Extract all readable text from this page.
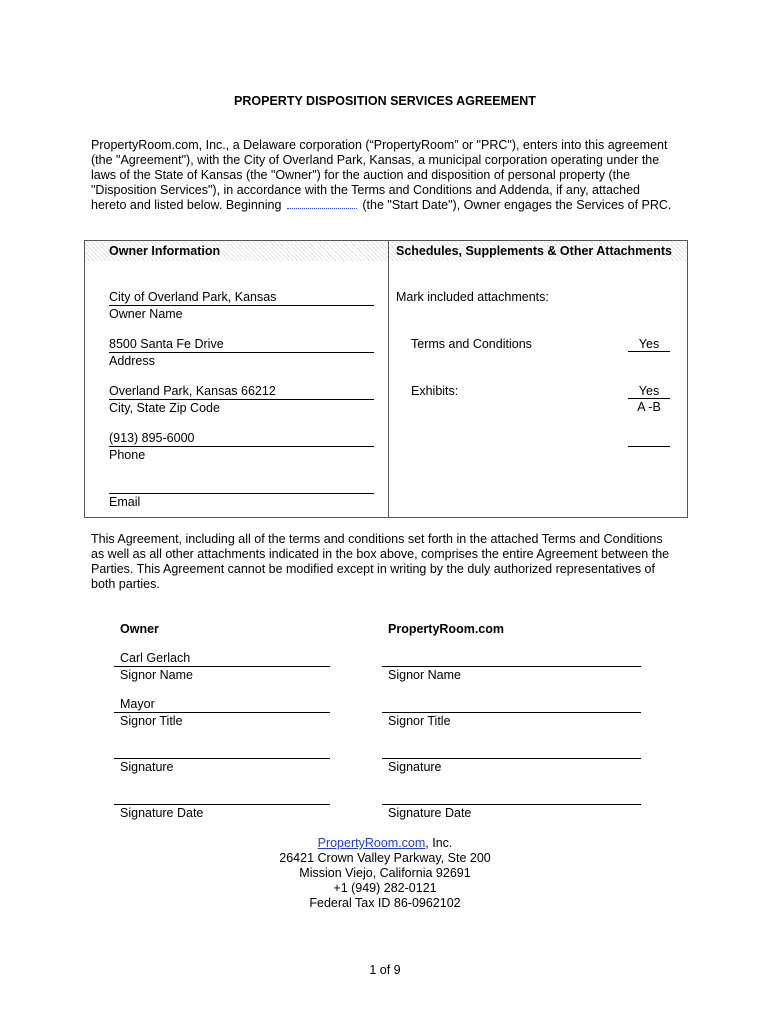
PROPERTY DISPOSITION SERVICES AGREEMENT
PropertyRoom.com, Inc., a Delaware corporation (“PropertyRoom” or "PRC"), enters into this agreement
(the "Agreement"), with the City of Overland Park, Kansas, a municipal corporation operating under the
laws of the State of Kansas (the "Owner") for the auction and disposition of personal property (the
"Disposition Services"), in accordance with the Terms and Conditions and Addenda, if any, attached
hereto and listed below. Beginning	(the "Start Date"), Owner engages the Services of PRC.
Owner Information	Schedules, Supplements & Other Attachments
City of Overland Park, Kansas
Owner Name
8500 Santa Fe Drive
Address
Overland Park, Kansas 66212
City, State Zip Code
(913) 895-6000
Phone
Email
Mark included attachments:
Terms and Conditions	Yes
Exhibits:	Yes
A -B
This Agreement, including all of the terms and conditions set forth in the attached Terms and Conditions
as well as all other attachments indicated in the box above, comprises the entire Agreement between the
Parties. This Agreement cannot be modified except in writing by the duly authorized representatives of
both parties.
Owner
Carl Gerlach
Signor Name
Mayor
Signor Title
Signature
Signature Date
PropertyRoom.com
Signor Name
Signor Title
Signature
Signature Date
PropertyRoom.com, Inc.
26421 Crown Valley Parkway, Ste 200
Mission Viejo, California 92691
+1 (949) 282-0121
Federal Tax ID 86-0962102
1 of 9
